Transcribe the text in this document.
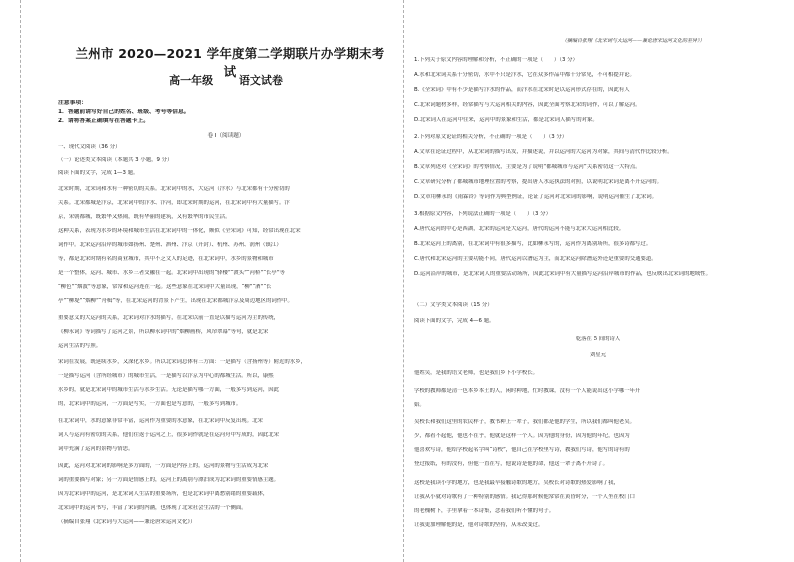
兰州市 2020—2021 学年度第二学期联片办学期末考试
高一年级 语文试卷
注意事项：
1．答题前请写好自己的姓名、班级、考号等信息。
2．请将答案正确填写在答题卡上。
卷 I（阅读题）
一、现代文阅读（36 分）
（一）论述类文本阅读（本题共 3 小题，9 分）
阅读下面的文字，完成 1—3 题。
北宋时期，北宋词和水有一种密切的关系。北宋词中的水，大运河（汴水）与北宋都有十分密切的
关系。北宋都城是汴京，北宋词中的汴水、汴河，即北宋时期的运河，在北宋词中有大量描写。汴
京，宋朝都城，既繁华又热闹，既有华丽的建筑，又有繁华的市民生活。
这种关系，表现为水乡的环境和城市生活在北宋词中的一体化，颇似《全宋词》可知，经常出现在北宋
词作中。北宋运河沿岸的城市如扬州、楚州、泗州、汴京（开封）、杭州、苏州、润州（镇江）
等，都是北宋时期有名的商业城市，其中不乏文人的足迹，在北宋词中，水乡的景物和城市
是一个整体，运河、城市、水乡三者交融在一起。北宋词中出现的“驿楼”“渡头”“河桥”“长亭”等
“柳色”“烟波”等意象，常常和运河连在一起。这些意象在北宋词中大量出现，“柳”“酒”“长
亭”“柳堤”“烟柳”“舟楫”等，在北宋运河的背景下产生，出现在北宋都城汴京及周边地区的词作中。
重要意义的大运河的关系，北宋词对汴水的描写，在北宋以前一直是以描写运河为主的传统，
《柳永词》等词描写了运河之景，所以柳永词中的“烟柳画桥，风帘翠幕”等句，就是北宋
运河生活的写照。
宋词在发展，既延续水乡，又深化水乡。所以北宋词总体有三方面：一是描写（含扬州等）附近的水乡，
一是描写运河（含所经城市）的城市生活，一是描写以汴京为中心的都城生活。所以，康熙
水乡的，就是北宋词中的城市生活与水乡生活。无论是描写哪一方面，一般多写到运河，因此
的，北宋词中的运河，一方面是写实，一方面也是写意的，一般多写到城市。
在北宋词中，水的意象非常丰富，运河作为重要的水意象，在北宋词中反复出现。北宋
词人与运河有密切的关系，他们往返于运河之上，很多词作就是在运河舟中写成的，因此北宋
词中充满了运河的景物与情思。
因此，运河对北宋词的影响是多方面的，一方面是内容上的，运河的景物与生活成为北宋
词的重要描写对象；另一方面是情感上的，运河上的离别与漂泊成为北宋词的重要情感主题。
因为北宋词中的运河，是北宋词人生活的重要场所，也是北宋词中离愁别绪的重要载体，
北宋词中的运河书写，丰富了宋词的内涵，也体现了北宋社会生活的一个侧面。
（摘编自张翔《北宋词与大运河——兼论唐宋运河文化》）
（摘编自张翔《北宋词与大运河——兼论唐宋运河文化的差异》）
1.下列关于原文内容的理解和分析，不正确的一项是（　　）（3 分）
A.水和北宋词关系十分密切，水中不只是汴水，它在众多作品中都十分常见，不可相提并论。
B.《全宋词》中有不少是描写汴水的作品，而汴水在北宋时是以运河形式存在的，因此有人
C.北宋词题材多样，经常描写与大运河相关的内容，因此全面考察北宋的词作，可以了解运河。
D.北宋词人在运河中往来，运河中的景象和生活，都是北宋词人描写的对象。
2.下列对原文论证的相关分析，不正确的一项是（　　）（3 分）
A.文章在论证过程中，从北宋词的描写出发，并描述说，并以运河的大运河为对象，其间与清代作比较分析。
B.文章列述对《全宋词》的考察情况，主要是为了说明“都城城市与运河”关系密切这一大特点。
C.文章研究分析了都城城市地理位置的考察，提出唐人水运执法的对照，以说明北宋词是离不开运河的。
D.文章用柳永的《雨霖铃》等词作为典型例证，论证了运河对北宋词的影响，说明运河催生了北宋词。
3.根据原文内容，下列说法正确的一项是（　　）（3 分）
A.唐代运河的中心是西湖，北宋的运河是大运河，唐代的运河不能与北宋大运河相比较。
B.北宋运河上的离别，在北宋词中有很多描写，比如柳永写的，运河作为离别场所，很多诗都写过。
C.唐代和北宋运河的主要功能不同，唐代运河以漕运为主，而北宋运河除漕运外还是重要的交通要道。
D.运河沿岸的城市，是北宋词人的重要活动场所，因此北宋词中有大量描写运河沿岸城市的作品，也反映出北宋词的地域性。
（二）文学类文本阅读（15 分）
阅读下面的文字，完成 4—6 题。
乾落在 5 间的诗人
刘星元
他姓吴，是我的语文老师，也是我们乡下小学校长。
学校的教师都是清一色本乡本土的人，闲时种地，忙时教课，没有一个人能说出这小学哪一年开
始。
吴校长和我们这里的农民样子，教书种上一辈子，我们都是他的学生，所以我们都叫他老吴。
少，都看不起他，他也不在乎，他就是这样一个人。因为他的身份，因为他的年纪，也因为
他喜欢写诗，他给学校起名字叫“诗校”，他自己在学校里写诗，教我们写诗，他写的诗有的
登过报纸，有的没有，但他一直在写，他说诗是他的命，他这一辈子离不开诗了。
这校是我读小学的地方，也是我最早接触诗歌的地方，吴校长对诗歌的热爱影响了我，
让我从小就对诗歌有了一种特别的感情。我记得那时候他常常在黄昏时分，一个人坐在校门口
的老槐树下，手里拿着一本诗集，念着我们听不懂的句子。
让我更加理解他的是，他对诗歌的坚持，从未改变过。
